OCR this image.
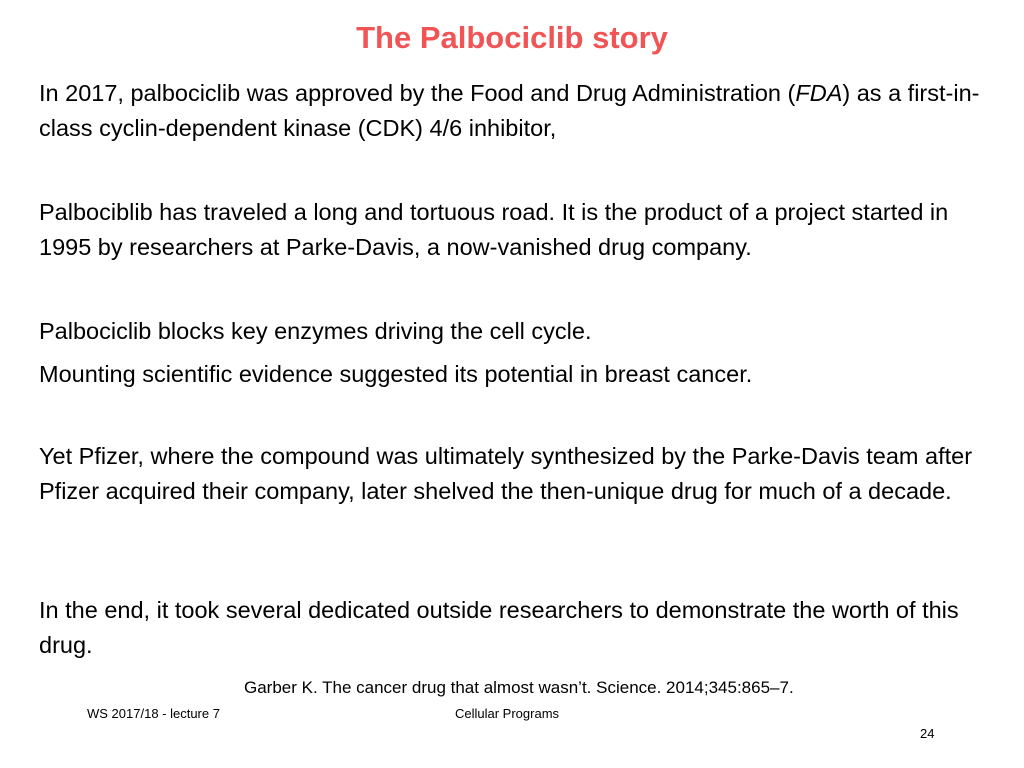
The Palbociclib story

In 2017, palbociclib was approved by the Food and Drug Administration (FDA) as a first-in-class cyclin-dependent kinase (CDK) 4/6 inhibitor,

Palbociblib has traveled a long and tortuous road. It is the product of a project started in 1995 by researchers at Parke-Davis, a now-vanished drug company.

Palbociclib blocks key enzymes driving the cell cycle.

Mounting scientific evidence suggested its potential in breast cancer.

Yet Pfizer, where the compound was ultimately synthesized by the Parke-Davis team after Pfizer acquired their company, later shelved the then-unique drug for much of a decade.

In the end, it took several dedicated outside researchers to demonstrate the worth of this drug.

Garber K. The cancer drug that almost wasn’t. Science. 2014;345:865–7.

WS 2017/18 - lecture 7	Cellular Programs
24
